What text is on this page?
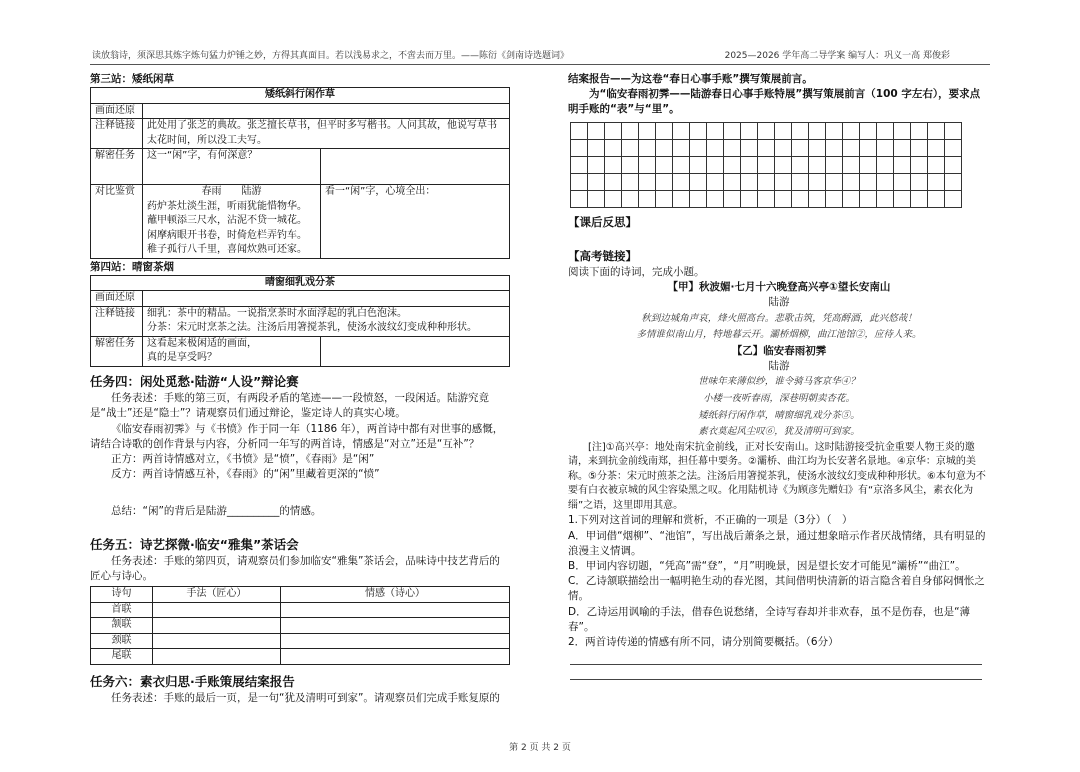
读放翁诗，须深思其炼字炼句猛力炉锤之妙，方得其真面目。若以浅易求之，不啻去而万里。——陈衍《剑南诗选题词》	2025—2026 学年高二导学案 编写人：巩义一高 郑俊彩
第三站：矮纸闲草
矮纸斜行闲作草		
画面还原		
注释链接	此处用了张芝的典故。张芝擅长草书，但平时多写楷书。人问其故，他说写草书太花时间，所以没工夫写。	
解密任务	这一“闲”字，有何深意？	
对比鉴赏	春雨　　陆游
药炉茶灶淡生涯，听雨犹能惜物华。
蘸甲顿添三尺水，沾泥不贷一城花。
闲摩病眼开书卷，时倚危栏弄钓车。
稚子孤行八千里，喜闻炊熟可还家。	看一“闲”字，心境全出：
第四站：晴窗茶烟
晴窗细乳戏分茶		
画面还原		
注释链接	细乳：茶中的精品。一说指烹茶时水面浮起的乳白色泡沫。
分茶：宋元时烹茶之法。注汤后用箸搅茶乳，使汤水波纹幻变成种种形状。	

解密任务	这看起来极闲适的画面，
真的是享受吗？	

任务四：闲处觅愁·陆游“人设”辩论赛
任务表述：手账的第三页，有两段矛盾的笔迹——一段愤怒，一段闲适。陆游究竟是“战士”还是“隐士”？请观察员们通过辩论，鉴定诗人的真实心境。
《临安春雨初霁》与《书愤》作于同一年（1186 年），两首诗中都有对世事的感慨，请结合诗歌的创作背景与内容，分析同一年写的两首诗，情感是“对立”还是“互补”？
正方：两首诗情感对立，《书愤》是“愤”，《春雨》是“闲”
反方：两首诗情感互补，《春雨》的“闲”里藏着更深的“愤”
总结：“闲”的背后是陆游__________的情感。
任务五：诗艺探微·临安“雅集”茶话会
任务表述：手账的第四页，请观察员们参加临安“雅集”茶话会，品味诗中技艺背后的匠心与诗心。
诗句	手法（匠心）	情感（诗心）
首联		
颔联		
颈联		
尾联		
任务六：素衣归思·手账策展结案报告
任务表述：手账的最后一页，是一句“犹及清明可到家”。请观察员们完成手账复原的
结案报告——为这卷“春日心事手账”撰写策展前言。
为“临安春雨初霁——陆游春日心事手账特展”撰写策展前言（100 字左右），要求点明手账的“表”与“里”。

【课后反思】
【高考链接】
阅读下面的诗词，完成小题。
【甲】秋波媚·七月十六晚登高兴亭①望长安南山
陆游
秋到边城角声哀，烽火照高台。悲歌击筑，凭高酹酒，此兴悠哉！
多情谁似南山月，特地暮云开。灞桥烟柳，曲江池馆②，应待人来。
【乙】临安春雨初霁
陆游
世味年来薄似纱，谁令骑马客京华④？
小楼一夜听春雨，深巷明朝卖杏花。
矮纸斜行闲作草，晴窗细乳戏分茶⑤。
素衣莫起风尘叹⑥，犹及清明可到家。
[注]①高兴亭：地处南宋抗金前线，正对长安南山。这时陆游接受抗金重要人物王炎的邀请，来到抗金前线南郑，担任幕中要务。②灞桥、曲江均为长安著名景地。④京华：京城的美称。⑤分茶：宋元时煎茶之法。注汤后用箸搅茶乳，使汤水波纹幻变成种种形状。⑥本句意为不要有白衣被京城的风尘容染黑之叹。化用陆机诗《为顾彦先赠妇》有“京洛多风尘，素衣化为缁”之语，这里即用其意。
1.下列对这首词的理解和赏析，不正确的一项是（3分）（　）
A．甲词借“烟柳”、“池馆”，写出战后萧条之景，通过想象暗示作者厌战情绪，具有明显的浪漫主义情调。
B．甲词内容切题，“凭高”需“登”，“月”明晚景，因是望长安才可能见“灞桥”“曲江”。
C．乙诗颔联描绘出一幅明艳生动的春光图，其间借明快清新的语言隐含着自身郁闷惆怅之情。
D．乙诗运用讽喻的手法，借春色说愁绪，全诗写春却并非欢春，虽不是伤春，也是“薄春”。
2．两首诗传递的情感有所不同，请分别简要概括。（6分）
第 2 页 共 2 页
